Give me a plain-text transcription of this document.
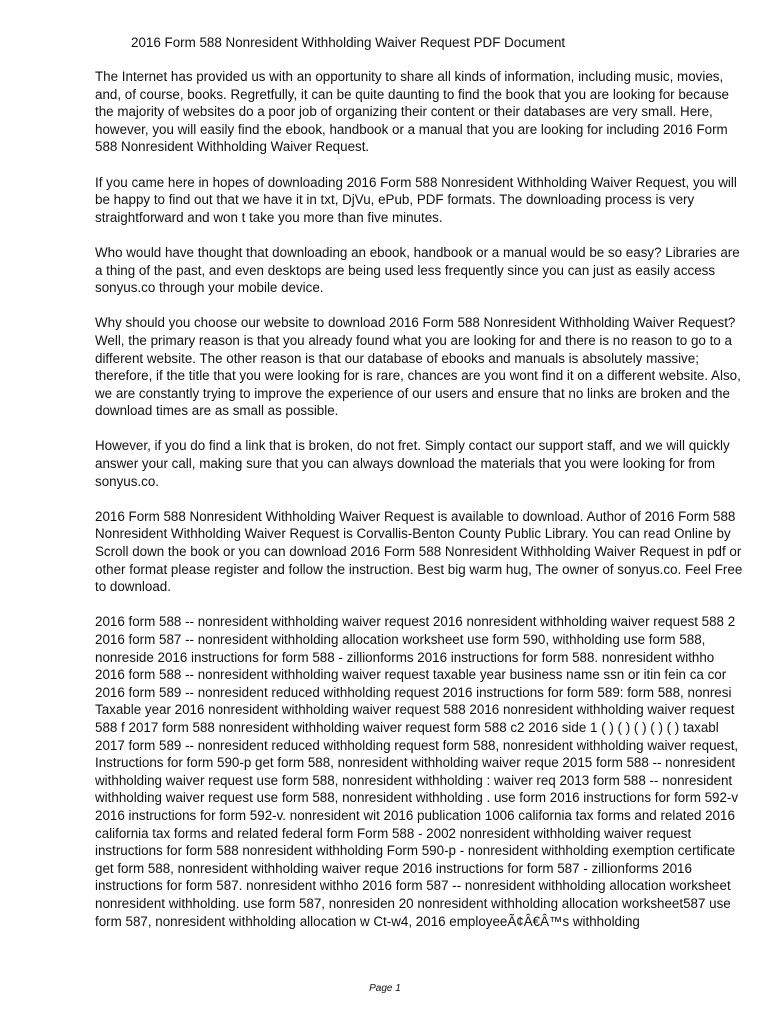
2016 Form 588 Nonresident Withholding Waiver Request PDF Document

The Internet has provided us with an opportunity to share all kinds of information, including music, movies, and, of course, books. Regretfully, it can be quite daunting to find the book that you are looking for because the majority of websites do a poor job of organizing their content or their databases are very small. Here, however, you will easily find the ebook, handbook or a manual that you are looking for including 2016 Form 588 Nonresident Withholding Waiver Request.

If you came here in hopes of downloading 2016 Form 588 Nonresident Withholding Waiver Request, you will be happy to find out that we have it in txt, DjVu, ePub, PDF formats. The downloading process is very straightforward and won t take you more than five minutes.

Who would have thought that downloading an ebook, handbook or a manual would be so easy? Libraries are a thing of the past, and even desktops are being used less frequently since you can just as easily access sonyus.co through your mobile device.

Why should you choose our website to download 2016 Form 588 Nonresident Withholding Waiver Request? Well, the primary reason is that you already found what you are looking for and there is no reason to go to a different website. The other reason is that our database of ebooks and manuals is absolutely massive; therefore, if the title that you were looking for is rare, chances are you wont find it on a different website. Also, we are constantly trying to improve the experience of our users and ensure that no links are broken and the download times are as small as possible.

However, if you do find a link that is broken, do not fret. Simply contact our support staff, and we will quickly answer your call, making sure that you can always download the materials that you were looking for from sonyus.co.

2016 Form 588 Nonresident Withholding Waiver Request is available to download. Author of 2016 Form 588 Nonresident Withholding Waiver Request is Corvallis-Benton County Public Library. You can read Online by Scroll down the book or you can download 2016 Form 588 Nonresident Withholding Waiver Request in pdf or other format please register and follow the instruction. Best big warm hug, The owner of sonyus.co. Feel Free to download.

2016 form 588 -- nonresident withholding waiver request 2016 nonresident withholding waiver request 588 2 2016 form 587 -- nonresident withholding allocation worksheet use form 590, withholding use form 588, nonreside 2016 instructions for form 588 - zillionforms 2016 instructions for form 588. nonresident withho 2016 form 588 -- nonresident withholding waiver request taxable year business name ssn or itin fein ca cor 2016 form 589 -- nonresident reduced withholding request 2016 instructions for form 589: form 588, nonresi Taxable year 2016 nonresident withholding waiver request 588 2016 nonresident withholding waiver request 588 f 2017 form 588 nonresident withholding waiver request form 588 c2 2016 side 1 ( ) ( ) ( ) ( ) ( ) taxabl 2017 form 589 -- nonresident reduced withholding request form 588, nonresident withholding waiver request, Instructions for form 590-p get form 588, nonresident withholding waiver reque 2015 form 588 -- nonresident withholding waiver request use form 588, nonresident withholding : waiver req 2013 form 588 -- nonresident withholding waiver request use form 588, nonresident withholding . use form 2016 instructions for form 592-v 2016 instructions for form 592-v. nonresident wit 2016 publication 1006 california tax forms and related 2016 california tax forms and related federal form Form 588 - 2002 nonresident withholding waiver request instructions for form 588 nonresident withholding Form 590-p - nonresident withholding exemption certificate get form 588, nonresident withholding waiver reque 2016 instructions for form 587 - zillionforms 2016 instructions for form 587. nonresident withho 2016 form 587 -- nonresident withholding allocation worksheet nonresident withholding. use form 587, nonresiden 20 nonresident withholding allocation worksheet587 use form 587, nonresident withholding allocation w Ct-w4, 2016 employeeÃ¢Â€Â™s withholding

Page 1
